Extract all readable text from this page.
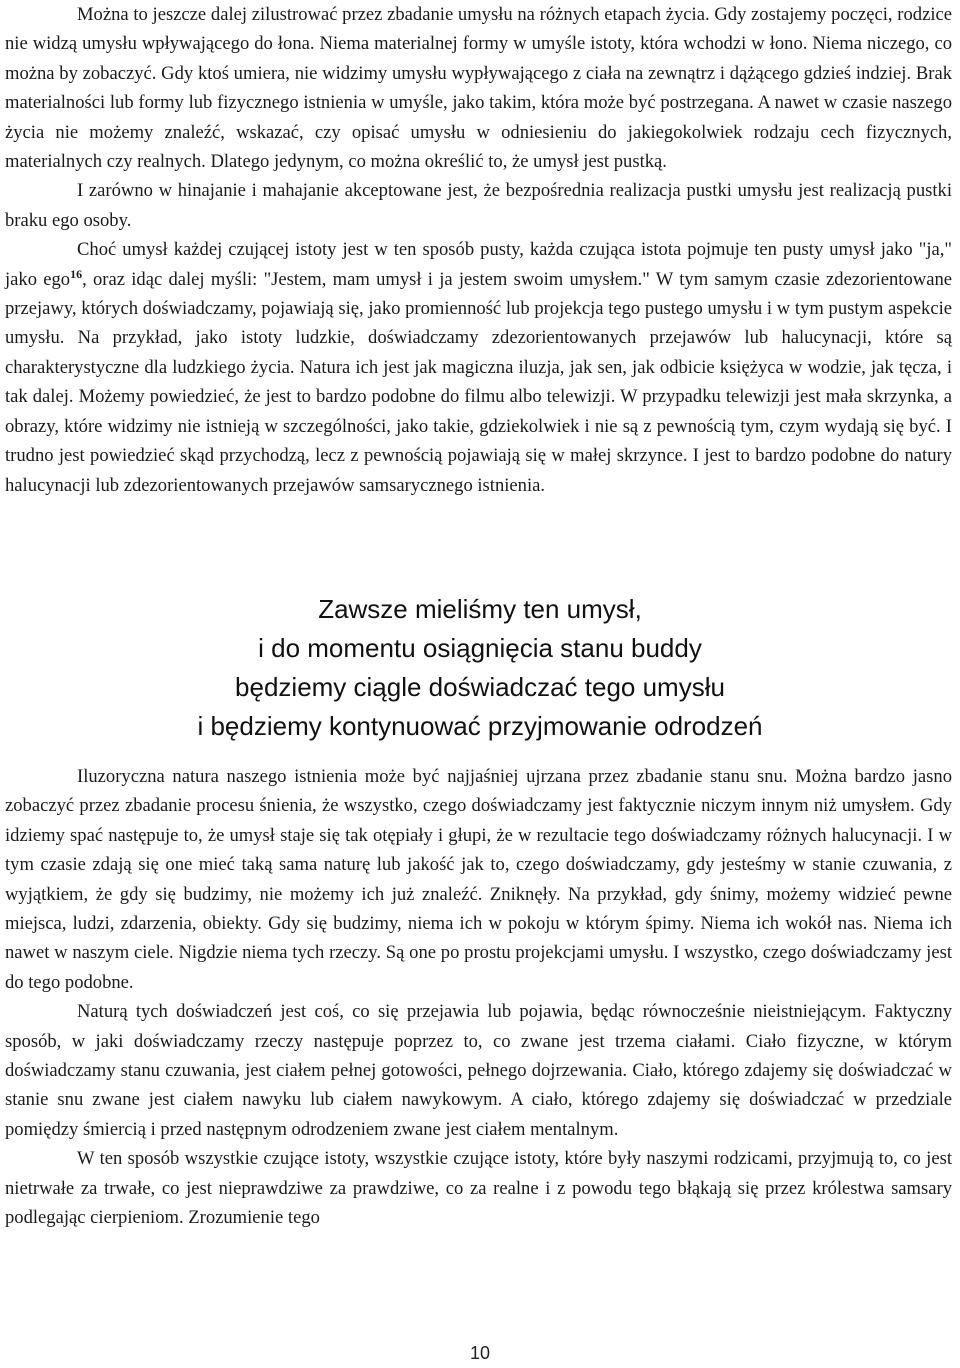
Można to jeszcze dalej zilustrować przez zbadanie umysłu na różnych etapach życia. Gdy zostajemy poczęci, rodzice nie widzą umysłu wpływającego do łona. Niema materialnej formy w umyśle istoty, która wchodzi w łono. Niema niczego, co można by zobaczyć. Gdy ktoś umiera, nie widzimy umysłu wypływającego z ciała na zewnątrz i dążącego gdzieś indziej. Brak materialności lub formy lub fizycznego istnienia w umyśle, jako takim, która może być postrzegana. A nawet w czasie naszego życia nie możemy znaleźć, wskazać, czy opisać umysłu w odniesieniu do jakiegokolwiek rodzaju cech fizycznych, materialnych czy realnych. Dlatego jedynym, co można określić to, że umysł jest pustką.

I zarówno w hinajanie i mahajanie akceptowane jest, że bezpośrednia realizacja pustki umysłu jest realizacją pustki braku ego osoby.

Choć umysł każdej czującej istoty jest w ten sposób pusty, każda czująca istota pojmuje ten pusty umysł jako "ja," jako ego$^{16}$, oraz idąc dalej myśli: "Jestem, mam umysł i ja jestem swoim umysłem." W tym samym czasie zdezorientowane przejawy, których doświadczamy, pojawiają się, jako promienność lub projekcja tego pustego umysłu i w tym pustym aspekcie umysłu. Na przykład, jako istoty ludzkie, doświadczamy zdezorientowanych przejawów lub halucynacji, które są charakterystyczne dla ludzkiego życia. Natura ich jest jak magiczna iluzja, jak sen, jak odbicie księżyca w wodzie, jak tęcza, i tak dalej. Możemy powiedzieć, że jest to bardzo podobne do filmu albo telewizji. W przypadku telewizji jest mała skrzynka, a obrazy, które widzimy nie istnieją w szczególności, jako takie, gdziekolwiek i nie są z pewnością tym, czym wydają się być. I trudno jest powiedzieć skąd przychodzą, lecz z pewnością pojawiają się w małej skrzynce. I jest to bardzo podobne do natury halucynacji lub zdezorientowanych przejawów samsarycznego istnienia.

Zawsze mieliśmy ten umysł,
i do momentu osiągnięcia stanu buddy
będziemy ciągle doświadczać tego umysłu
i będziemy kontynuować przyjmowanie odrodzeń

Iluzoryczna natura naszego istnienia może być najjaśniej ujrzana przez zbadanie stanu snu. Można bardzo jasno zobaczyć przez zbadanie procesu śnienia, że wszystko, czego doświadczamy jest faktycznie niczym innym niż umysłem. Gdy idziemy spać następuje to, że umysł staje się tak otępiały i głupi, że w rezultacie tego doświadczamy różnych halucynacji. I w tym czasie zdają się one mieć taką sama naturę lub jakość jak to, czego doświadczamy, gdy jesteśmy w stanie czuwania, z wyjątkiem, że gdy się budzimy, nie możemy ich już znaleźć. Zniknęły. Na przykład, gdy śnimy, możemy widzieć pewne miejsca, ludzi, zdarzenia, obiekty. Gdy się budzimy, niema ich w pokoju w którym śpimy. Niema ich wokół nas. Niema ich nawet w naszym ciele. Nigdzie niema tych rzeczy. Są one po prostu projekcjami umysłu. I wszystko, czego doświadczamy jest do tego podobne.

Naturą tych doświadczeń jest coś, co się przejawia lub pojawia, będąc równocześnie nieistniejącym. Faktyczny sposób, w jaki doświadczamy rzeczy następuje poprzez to, co zwane jest trzema ciałami. Ciało fizyczne, w którym doświadczamy stanu czuwania, jest ciałem pełnej gotowości, pełnego dojrzewania. Ciało, którego zdajemy się doświadczać w stanie snu zwane jest ciałem nawyku lub ciałem nawykowym. A ciało, którego zdajemy się doświadczać w przedziale pomiędzy śmiercią i przed następnym odrodzeniem zwane jest ciałem mentalnym.

W ten sposób wszystkie czujące istoty, wszystkie czujące istoty, które były naszymi rodzicami, przyjmują to, co jest nietrwałe za trwałe, co jest nieprawdziwe za prawdziwe, co za realne i z powodu tego błąkają się przez królestwa samsary podlegając cierpieniom. Zrozumienie tego

10
